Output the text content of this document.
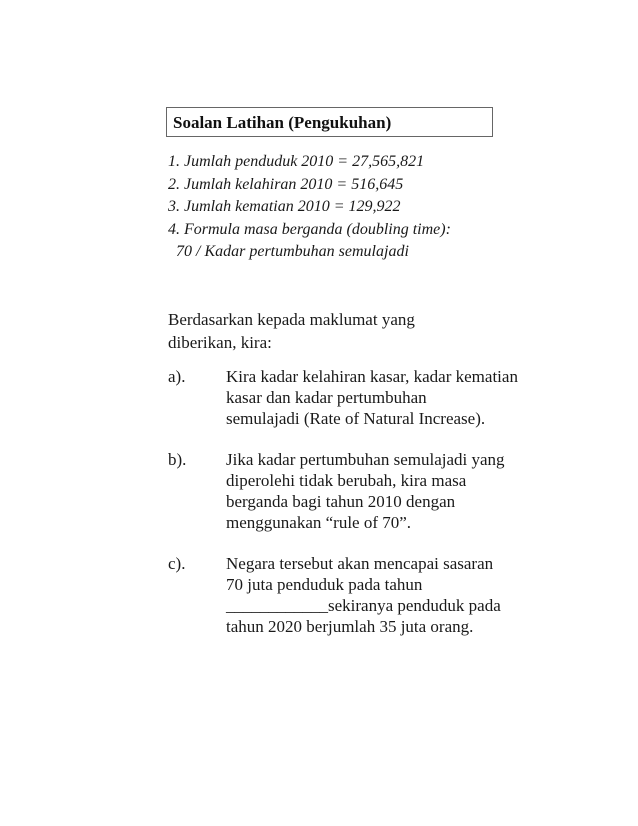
Soalan Latihan (Pengukuhan)
1. Jumlah penduduk 2010 = 27,565,821
2. Jumlah kelahiran 2010 = 516,645
3. Jumlah kematian 2010 = 129,922
4. Formula masa berganda (doubling time):
70 / Kadar pertumbuhan semulajadi
Berdasarkan kepada maklumat yang
diberikan, kira:
a).	Kira kadar kelahiran kasar, kadar kematian
kasar dan kadar pertumbuhan
semulajadi (Rate of Natural Increase).
b).	Jika kadar pertumbuhan semulajadi yang
diperolehi tidak berubah, kira masa
berganda bagi tahun 2010 dengan
menggunakan “rule of 70”.
c).	Negara tersebut akan mencapai sasaran
70 juta penduduk pada tahun
____________sekiranya penduduk pada
tahun 2020 berjumlah 35 juta orang.
